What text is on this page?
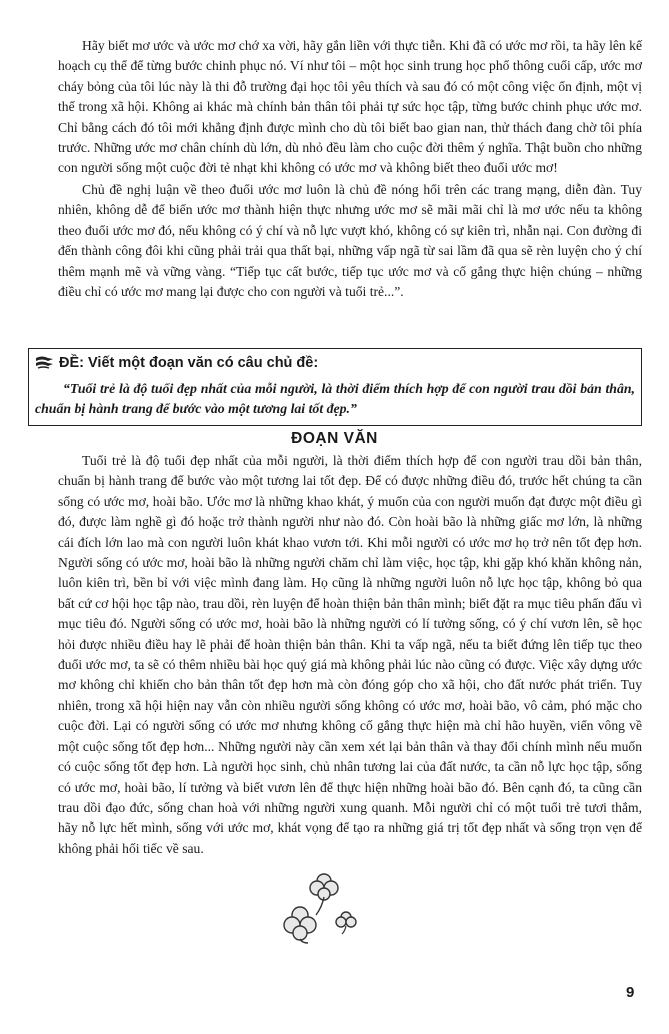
Hãy biết mơ ước và ước mơ chớ xa vời, hãy gắn liền với thực tiễn. Khi đã có ước mơ rồi, ta hãy lên kế hoạch cụ thể để từng bước chinh phục nó. Ví như tôi – một học sinh trung học phổ thông cuối cấp, ước mơ cháy bỏng của tôi lúc này là thi đỗ trường đại học tôi yêu thích và sau đó có một công việc ổn định, một vị thế trong xã hội. Không ai khác mà chính bản thân tôi phải tự sức học tập, từng bước chinh phục ước mơ. Chỉ bằng cách đó tôi mới khẳng định được mình cho dù tôi biết bao gian nan, thử thách đang chờ tôi phía trước. Những ước mơ chân chính dù lớn, dù nhỏ đều làm cho cuộc đời thêm ý nghĩa. Thật buồn cho những con người sống một cuộc đời tẻ nhạt khi không có ước mơ và không biết theo đuổi ước mơ!

Chủ đề nghị luận về theo đuổi ước mơ luôn là chủ đề nóng hổi trên các trang mạng, diễn đàn. Tuy nhiên, không dễ để biến ước mơ thành hiện thực nhưng ước mơ sẽ mãi mãi chỉ là mơ ước nếu ta không theo đuổi ước mơ đó, nếu không có ý chí và nỗ lực vượt khó, không có sự kiên trì, nhẫn nại. Con đường đi đến thành công đôi khi cũng phải trải qua thất bại, những vấp ngã từ sai lầm đã qua sẽ rèn luyện cho ý chí thêm mạnh mẽ và vững vàng. “Tiếp tục cất bước, tiếp tục ước mơ và cố gắng thực hiện chúng – những điều chỉ có ước mơ mang lại được cho con người và tuổi trẻ...”.

ĐỀ:
Viết một đoạn văn có câu chủ đề:

“Tuổi trẻ là độ tuổi đẹp nhất của mỗi người, là thời điểm thích hợp để con người trau dồi bản thân, chuẩn bị hành trang để bước vào một tương lai tốt đẹp.”

ĐOẠN VĂN

Tuổi trẻ là độ tuổi đẹp nhất của mỗi người, là thời điểm thích hợp để con người trau dồi bản thân, chuẩn bị hành trang để bước vào một tương lai tốt đẹp. Để có được những điều đó, trước hết chúng ta cần sống có ước mơ, hoài bão. Ước mơ là những khao khát, ý muốn của con người muốn đạt được một điều gì đó, được làm nghề gì đó hoặc trở thành người như nào đó. Còn hoài bão là những giấc mơ lớn, là những cái đích lớn lao mà con người luôn khát khao vươn tới. Khi mỗi người có ước mơ họ trở nên tốt đẹp hơn. Người sống có ước mơ, hoài bão là những người chăm chỉ làm việc, học tập, khi gặp khó khăn không nản, luôn kiên trì, bền bỉ với việc mình đang làm. Họ cũng là những người luôn nỗ lực học tập, không bỏ qua bất cứ cơ hội học tập nào, trau dồi, rèn luyện để hoàn thiện bản thân mình; biết đặt ra mục tiêu phấn đấu vì mục tiêu đó. Người sống có ước mơ, hoài bão là những người có lí tưởng sống, có ý chí vươn lên, sẽ học hỏi được nhiều điều hay lẽ phải để hoàn thiện bản thân. Khi ta vấp ngã, nếu ta biết đứng lên tiếp tục theo đuổi ước mơ, ta sẽ có thêm nhiều bài học quý giá mà không phải lúc nào cũng có được. Việc xây dựng ước mơ không chỉ khiến cho bản thân tốt đẹp hơn mà còn đóng góp cho xã hội, cho đất nước phát triển. Tuy nhiên, trong xã hội hiện nay vẫn còn nhiều người sống không có ước mơ, hoài bão, vô cảm, phó mặc cho cuộc đời. Lại có người sống có ước mơ nhưng không cố gắng thực hiện mà chỉ hão huyền, viển vông về một cuộc sống tốt đẹp hơn... Những người này cần xem xét lại bản thân và thay đổi chính mình nếu muốn có cuộc sống tốt đẹp hơn. Là người học sinh, chủ nhân tương lai của đất nước, ta cần nỗ lực học tập, sống có ước mơ, hoài bão, lí tưởng và biết vươn lên để thực hiện những hoài bão đó. Bên cạnh đó, ta cũng cần trau dồi đạo đức, sống chan hoà với những người xung quanh. Mỗi người chỉ có một tuổi trẻ tươi thắm, hãy nỗ lực hết mình, sống với ước mơ, khát vọng để tạo ra những giá trị tốt đẹp nhất và sống trọn vẹn để không phải hối tiếc về sau.

9
